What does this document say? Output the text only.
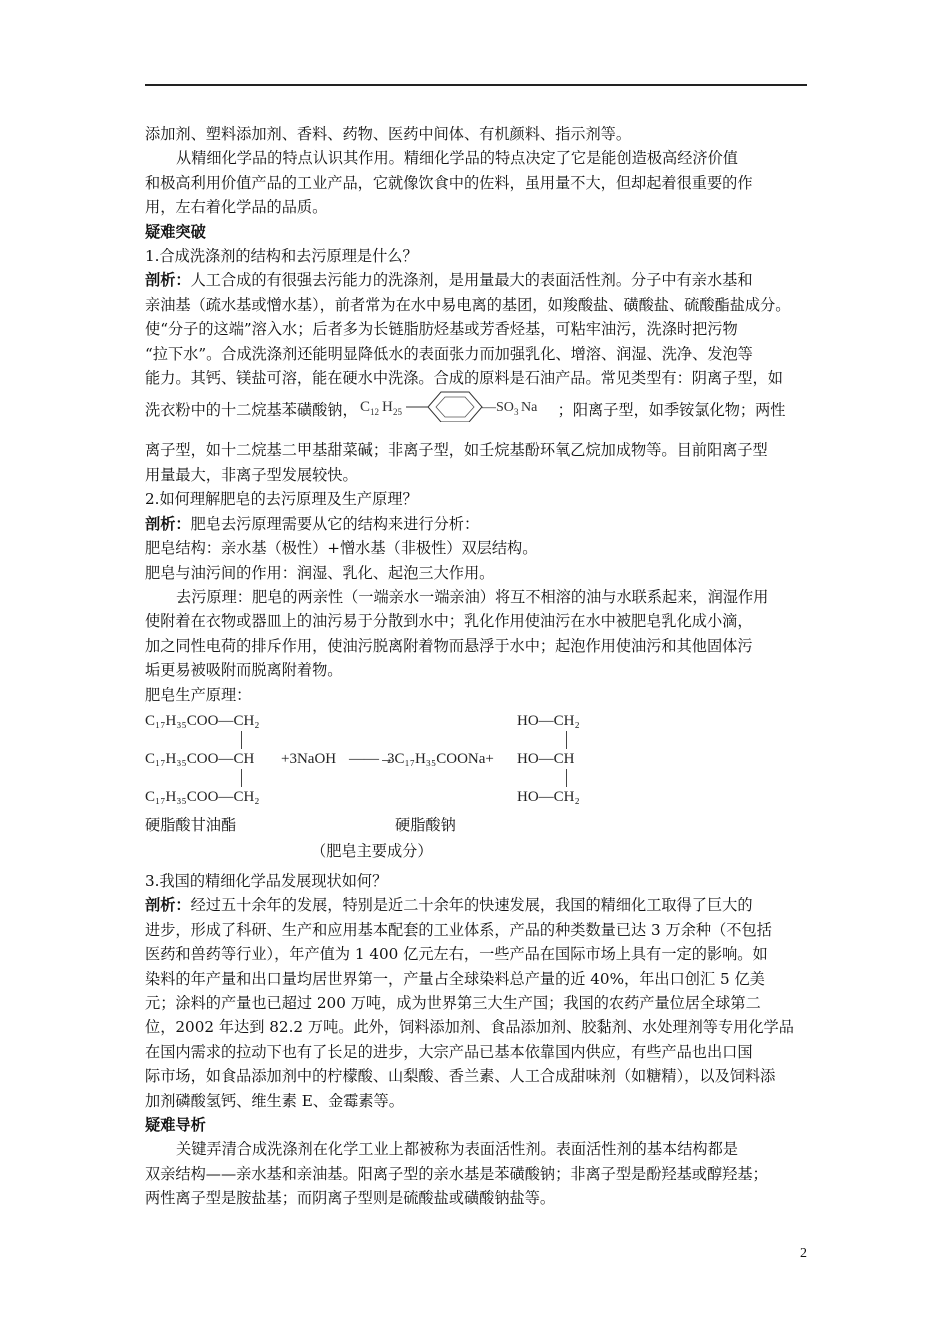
添加剂、塑料添加剂、香料、药物、医药中间体、有机颜料、指示剂等。

从精细化学品的特点认识其作用。精细化学品的特点决定了它是能创造极高经济价值

和极高利用价值产品的工业产品，它就像饮食中的佐料，虽用量不大，但却起着很重要的作

用，左右着化学品的品质。

疑难突破

1.合成洗涤剂的结构和去污原理是什么？

剖析：人工合成的有很强去污能力的洗涤剂，是用量最大的表面活性剂。分子中有亲水基和

亲油基（疏水基或憎水基），前者常为在水中易电离的基团，如羧酸盐、磺酸盐、硫酸酯盐成分。

使“分子的这端”溶入水；后者多为长链脂肪烃基或芳香烃基，可粘牢油污，洗涤时把污物

“拉下水”。合成洗涤剂还能明显降低水的表面张力而加强乳化、增溶、润湿、洗净、发泡等

能力。其钙、镁盐可溶，能在硬水中洗涤。合成的原料是石油产品。常见类型有：阴离子型，如

洗衣粉中的十二烷基苯磺酸钠， C 12 H 25	—SO 3 Na ；阳离子型，如季铵氯化物；两性

离子型，如十二烷基二甲基甜菜碱；非离子型，如壬烷基酚环氧乙烷加成物等。目前阳离子型

用量最大，非离子型发展较快。

2.如何理解肥皂的去污原理及生产原理？

剖析：肥皂去污原理需要从它的结构来进行分析：

肥皂结构：亲水基（极性）+憎水基（非极性）双层结构。

肥皂与油污间的作用：润湿、乳化、起泡三大作用。

去污原理：肥皂的两亲性（一端亲水一端亲油）将互不相溶的油与水联系起来，润湿作用

使附着在衣物或器皿上的油污易于分散到水中；乳化作用使油污在水中被肥皂乳化成小滴，

加之同性电荷的排斥作用，使油污脱离附着物而悬浮于水中；起泡作用使油污和其他固体污

垢更易被吸附而脱离附着物。

肥皂生产原理：

C₁₇H₃₅COO—CH₂
C₁₇H₃₅COO—CH
C₁₇H₃₅COO—CH₂
+3NaOH ——→
3C₁₇H₃₅COONa+
HO—CH₂
HO—CH
HO—CH₂
硬脂酸甘油酯	硬脂酸钠
（肥皂主要成分）

3.我国的精细化学品发展现状如何？

剖析：经过五十余年的发展，特别是近二十余年的快速发展，我国的精细化工取得了巨大的

进步，形成了科研、生产和应用基本配套的工业体系，产品的种类数量已达 3 万余种（不包括

医药和兽药等行业），年产值为 1 400 亿元左右，一些产品在国际市场上具有一定的影响。如

染料的年产量和出口量均居世界第一，产量占全球染料总产量的近 40%，年出口创汇 5 亿美

元；涂料的产量也已超过 200 万吨，成为世界第三大生产国；我国的农药产量位居全球第二

位，2002 年达到 82.2 万吨。此外，饲料添加剂、食品添加剂、胶黏剂、水处理剂等专用化学品

在国内需求的拉动下也有了长足的进步，大宗产品已基本依靠国内供应，有些产品也出口国

际市场，如食品添加剂中的柠檬酸、山梨酸、香兰素、人工合成甜味剂（如糖精），以及饲料添

加剂磷酸氢钙、维生素 E、金霉素等。

疑难导析

关键弄清合成洗涤剂在化学工业上都被称为表面活性剂。表面活性剂的基本结构都是

双亲结构——亲水基和亲油基。阳离子型的亲水基是苯磺酸钠；非离子型是酚羟基或醇羟基；

两性离子型是胺盐基；而阴离子型则是硫酸盐或磺酸钠盐等。

2
